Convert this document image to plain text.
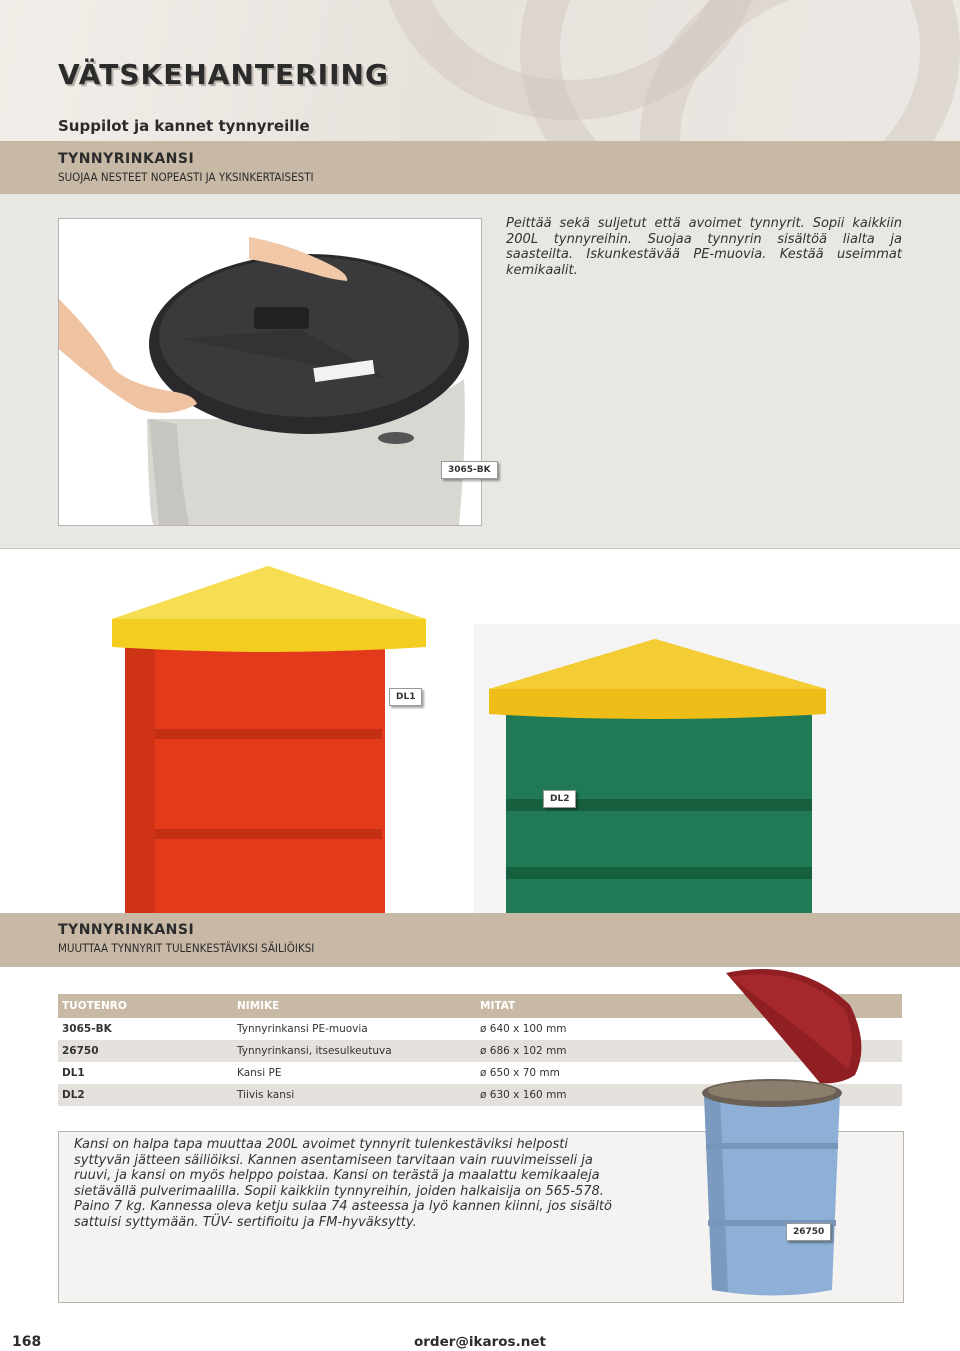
VÄTSKEHANTERIING
Suppilot ja kannet tynnyreille
TYNNYRINKANSI
SUOJAA NESTEET NOPEASTI JA YKSINKERTAISESTI
Peittää sekä suljetut että avoimet tynnyrit. Sopii kaikkiin 200L tynnyreihin. Suojaa tynnyrin sisältöä lialta ja saasteilta. Iskunkestävää PE-muovia. Kestää useimmat kemikaalit.
3065-BK
DL1
DL2
TYNNYRINKANSI
MUUTTAA TYNNYRIT TULENKESTÄVIKSI SÄILIÖIKSI
TUOTENRO	NIMIKE	MITAT
3065-BK	Tynnyrinkansi PE-muovia	ø 640 x 100 mm
26750	Tynnyrinkansi, itsesulkeutuva	ø 686 x 102 mm
DL1	Kansi PE	ø 650 x 70 mm
DL2	Tiivis kansi	ø 630 x 160 mm
Kansi on halpa tapa muuttaa 200L avoimet tynnyrit tulenkestäviksi helposti syttyvän jätteen säiliöiksi. Kannen asentamiseen tarvitaan vain ruuvimeisseli ja ruuvi, ja kansi on myös helppo poistaa. Kansi on terästä ja maalattu kemikaaleja sietävällä pulverimaalilla. Sopii kaikkiin tynnyreihin, joiden halkaisija on 565-578. Paino 7 kg. Kannessa oleva ketju sulaa 74 asteessa ja lyö kannen kiinni, jos sisältö sattuisi syttymään. TÜV- sertifioitu ja FM-hyväksytty.
26750
168	order@ikaros.net
